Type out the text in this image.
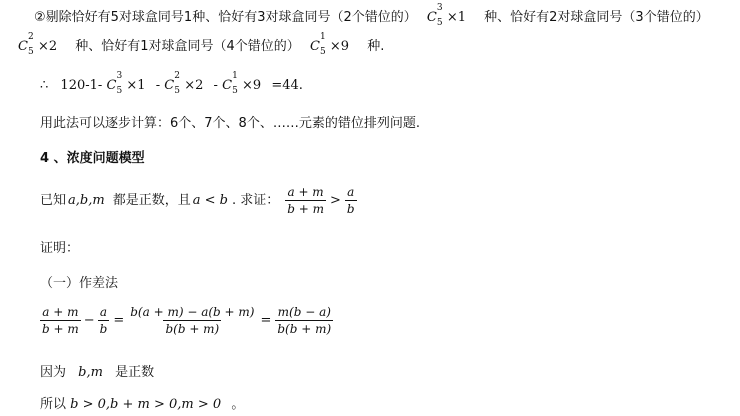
②剔除恰好有5对球盒同号1种、恰好有3对球盒同号（2个错位的） C
3
5 ×1 种、恰好有2对球盒同号（3个错位的）
C
2
5 ×2 种、恰好有1对球盒同号（4个错位的） C
1
5 ×9 种.
∴ 120-1- C
3
5 ×1 - C
2
5 ×2 - C
1
5 ×9 =44.
用此法可以逐步计算：6个、7个、8个、……元素的错位排列问题.
4 、浓度问题模型
已知 a,b,m 都是正数，且 a < b . 求证： $\frac{a + m}{b + m} > \frac{a}{b}$
证明：
（一）作差法
$\frac{a + m}{b + m} - \frac{a}{b} = \frac{b(a + m) - a(b + m)}{b(b + m)} = \frac{m(b - a)}{b(b + m)}$
因为 b,m 是正数
所以 b > 0,b + m > 0,m > 0 。
